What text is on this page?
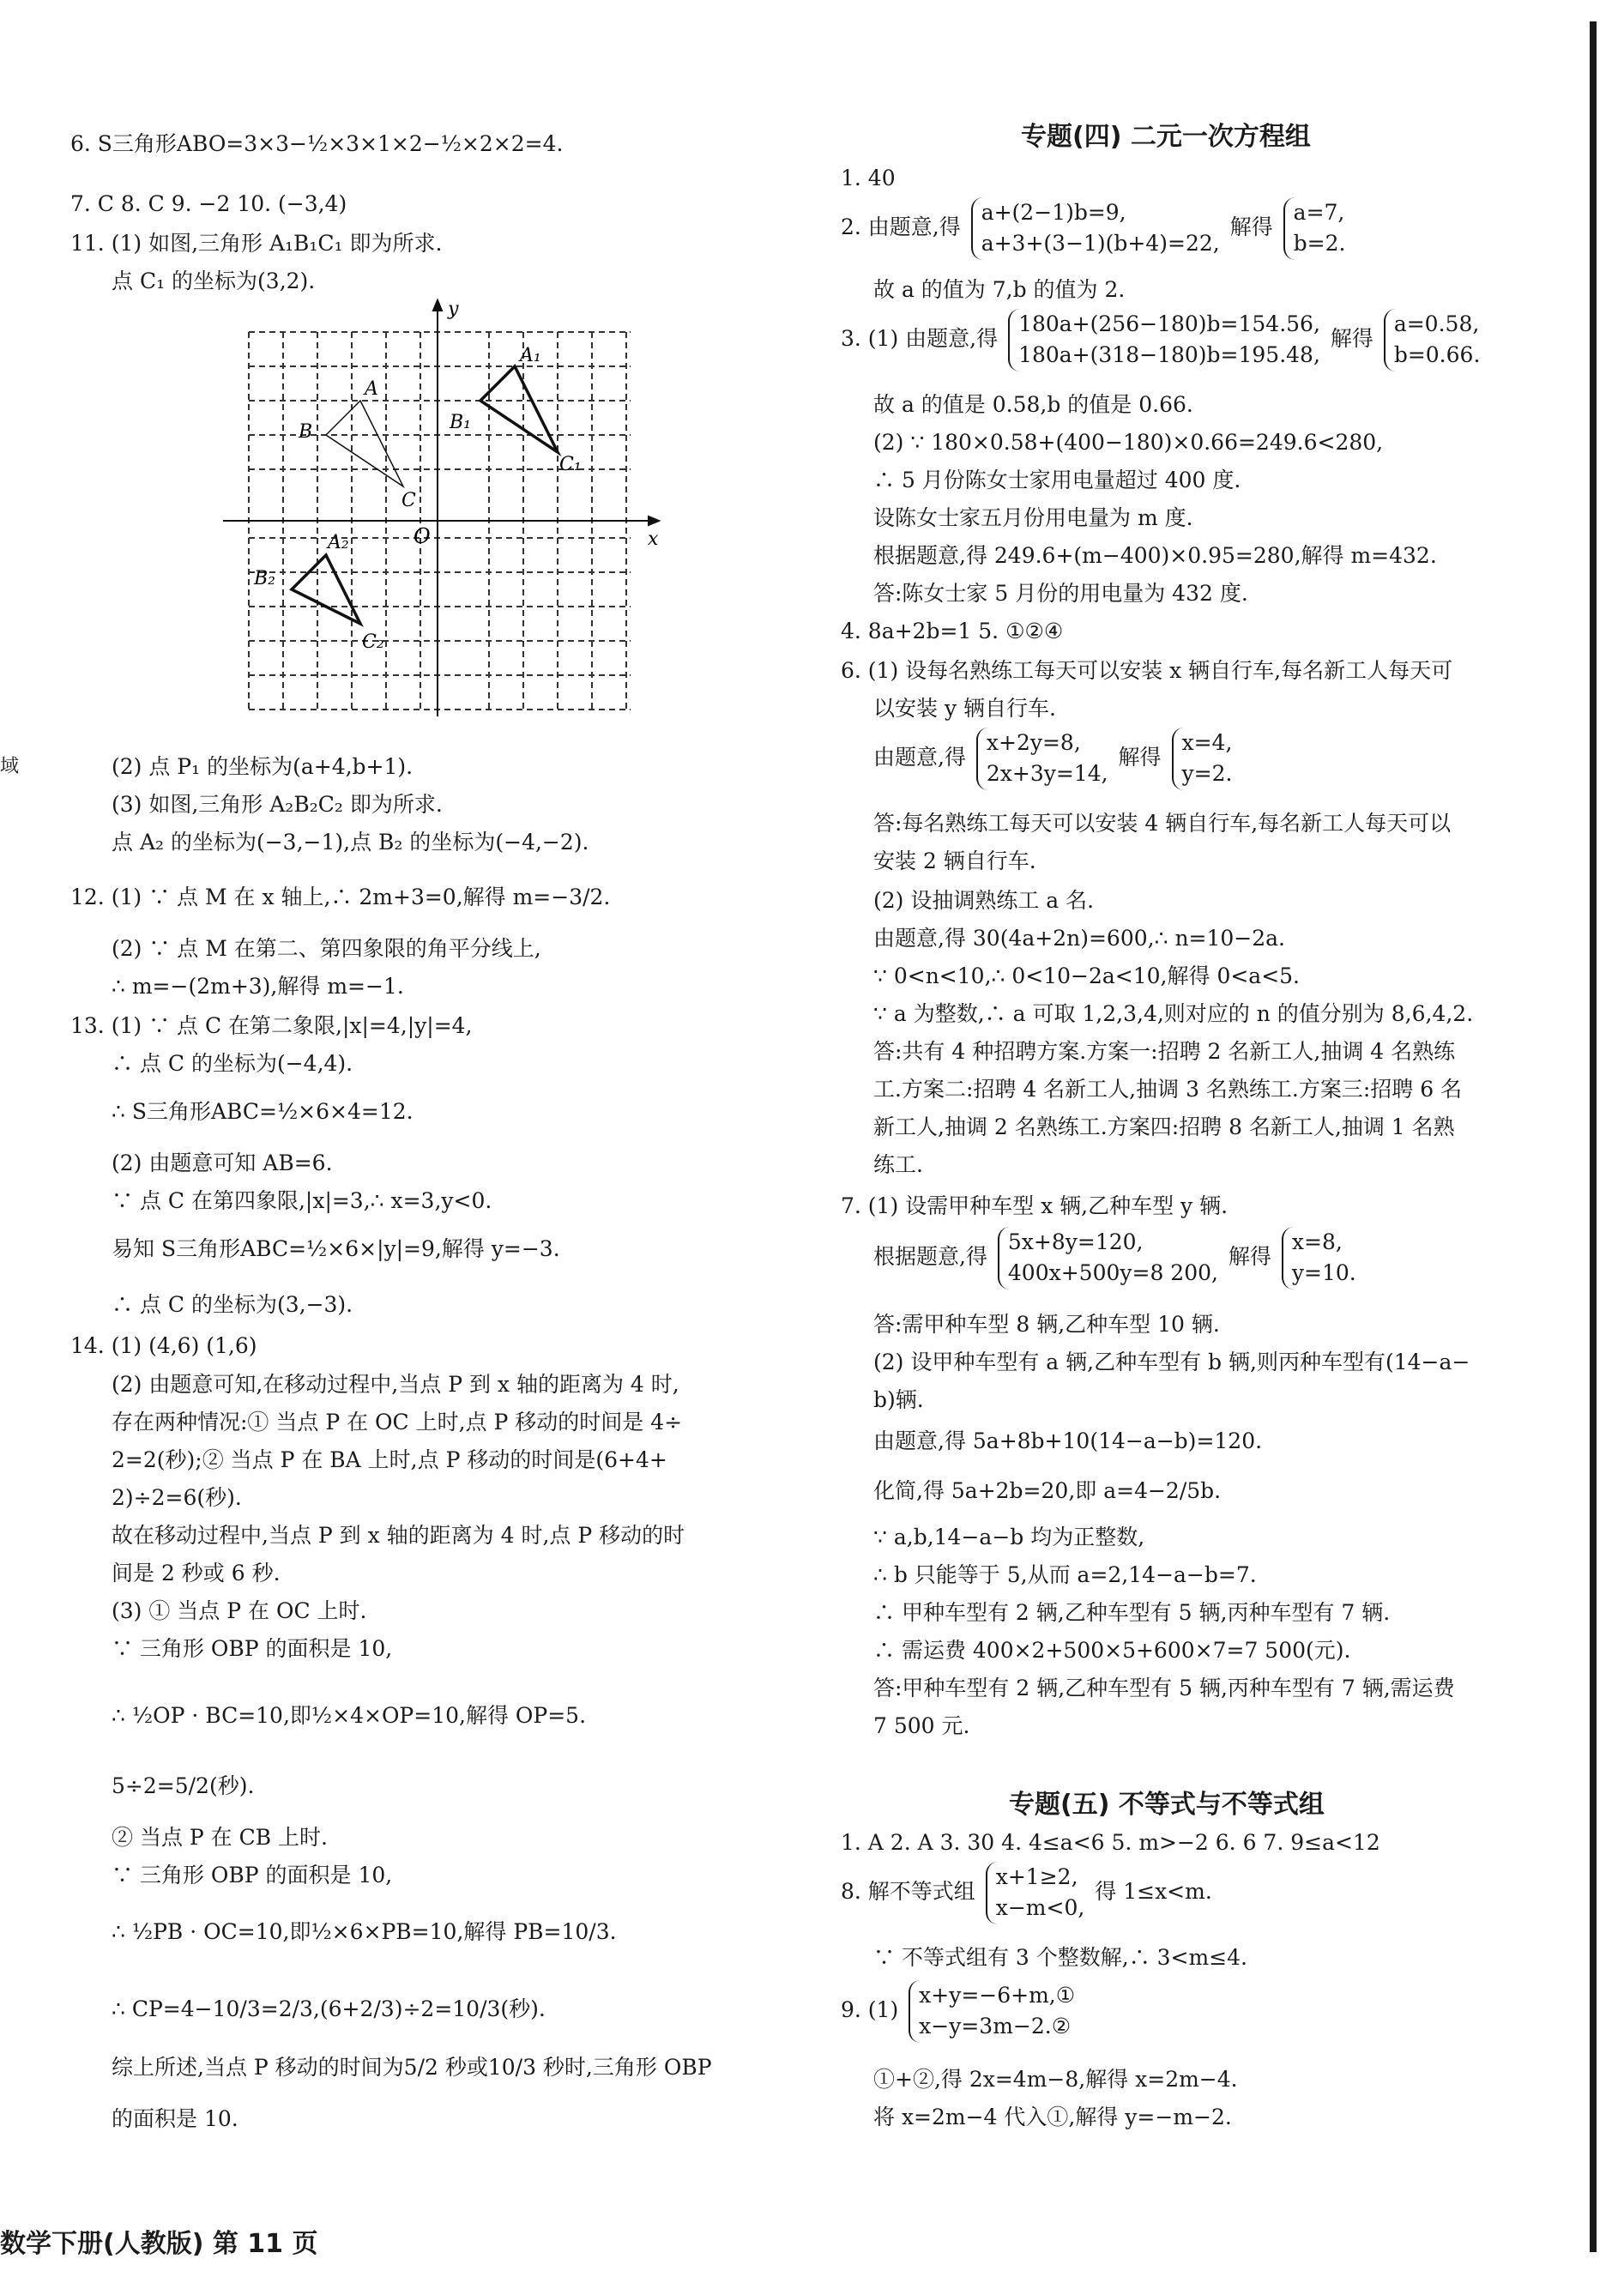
域
6. S三角形ABO=3×3−½×3×1×2−½×2×2=4.
7. C 8. C 9. −2 10. (−3,4)
11. (1) 如图,三角形 A₁B₁C₁ 即为所求.
点 C₁ 的坐标为(3,2).
x
y
O
A
B
C
A₁
B₁
C₁
A₂
B₂
C₂
(2) 点 P₁ 的坐标为(a+4,b+1).
(3) 如图,三角形 A₂B₂C₂ 即为所求.
点 A₂ 的坐标为(−3,−1),点 B₂ 的坐标为(−4,−2).
12. (1) ∵ 点 M 在 x 轴上,∴ 2m+3=0,解得 m=−3/2.
(2) ∵ 点 M 在第二、第四象限的角平分线上,
∴ m=−(2m+3),解得 m=−1.
13. (1) ∵ 点 C 在第二象限,|x|=4,|y|=4,
∴ 点 C 的坐标为(−4,4).
∴ S三角形ABC=½×6×4=12.
(2) 由题意可知 AB=6.
∵ 点 C 在第四象限,|x|=3,∴ x=3,y<0.
易知 S三角形ABC=½×6×|y|=9,解得 y=−3.
∴ 点 C 的坐标为(3,−3).
14. (1) (4,6) (1,6)
(2) 由题意可知,在移动过程中,当点 P 到 x 轴的距离为 4 时,
存在两种情况:① 当点 P 在 OC 上时,点 P 移动的时间是 4÷
2=2(秒);② 当点 P 在 BA 上时,点 P 移动的时间是(6+4+
2)÷2=6(秒).
故在移动过程中,当点 P 到 x 轴的距离为 4 时,点 P 移动的时
间是 2 秒或 6 秒.
(3) ① 当点 P 在 OC 上时.
∵ 三角形 OBP 的面积是 10,
∴ ½OP · BC=10,即½×4×OP=10,解得 OP=5.
5÷2=5/2(秒).
② 当点 P 在 CB 上时.
∵ 三角形 OBP 的面积是 10,
∴ ½PB · OC=10,即½×6×PB=10,解得 PB=10/3.
∴ CP=4−10/3=2/3,(6+2/3)÷2=10/3(秒).
综上所述,当点 P 移动的时间为5/2 秒或10/3 秒时,三角形 OBP
的面积是 10.
专题(四) 二元一次方程组
1. 40
2. 由题意,得
a+(2−1)b=9,
a+3+(3−1)(b+4)=22,
解得
a=7,
b=2.
故 a 的值为 7,b 的值为 2.
3. (1) 由题意,得
180a+(256−180)b=154.56,
180a+(318−180)b=195.48,
解得
a=0.58,
b=0.66.
故 a 的值是 0.58,b 的值是 0.66.
(2) ∵ 180×0.58+(400−180)×0.66=249.6<280,
∴ 5 月份陈女士家用电量超过 400 度.
设陈女士家五月份用电量为 m 度.
根据题意,得 249.6+(m−400)×0.95=280,解得 m=432.
答:陈女士家 5 月份的用电量为 432 度.
4. 8a+2b=1 5. ①②④
6. (1) 设每名熟练工每天可以安装 x 辆自行车,每名新工人每天可
以安装 y 辆自行车.
由题意,得
x+2y=8,
2x+3y=14,
解得
x=4,
y=2.
答:每名熟练工每天可以安装 4 辆自行车,每名新工人每天可以
安装 2 辆自行车.
(2) 设抽调熟练工 a 名.
由题意,得 30(4a+2n)=600,∴ n=10−2a.
∵ 0<n<10,∴ 0<10−2a<10,解得 0<a<5.
∵ a 为整数,∴ a 可取 1,2,3,4,则对应的 n 的值分别为 8,6,4,2.
答:共有 4 种招聘方案.方案一:招聘 2 名新工人,抽调 4 名熟练
工.方案二:招聘 4 名新工人,抽调 3 名熟练工.方案三:招聘 6 名
新工人,抽调 2 名熟练工.方案四:招聘 8 名新工人,抽调 1 名熟
练工.
7. (1) 设需甲种车型 x 辆,乙种车型 y 辆.
根据题意,得
5x+8y=120,
400x+500y=8 200,
解得
x=8,
y=10.
答:需甲种车型 8 辆,乙种车型 10 辆.
(2) 设甲种车型有 a 辆,乙种车型有 b 辆,则丙种车型有(14−a−
b)辆.
由题意,得 5a+8b+10(14−a−b)=120.
化简,得 5a+2b=20,即 a=4−2/5b.
∵ a,b,14−a−b 均为正整数,
∴ b 只能等于 5,从而 a=2,14−a−b=7.
∴ 甲种车型有 2 辆,乙种车型有 5 辆,丙种车型有 7 辆.
∴ 需运费 400×2+500×5+600×7=7 500(元).
答:甲种车型有 2 辆,乙种车型有 5 辆,丙种车型有 7 辆,需运费
7 500 元.
专题(五) 不等式与不等式组
1. A 2. A 3. 30 4. 4≤a<6 5. m>−2 6. 6 7. 9≤a<12
8. 解不等式组
x+1≥2,
x−m<0,
得 1≤x<m.
∵ 不等式组有 3 个整数解,∴ 3<m≤4.
9. (1)
x+y=−6+m,①
x−y=3m−2.②
①+②,得 2x=4m−8,解得 x=2m−4.
将 x=2m−4 代入①,解得 y=−m−2.
数学下册(人教版) 第 11 页
